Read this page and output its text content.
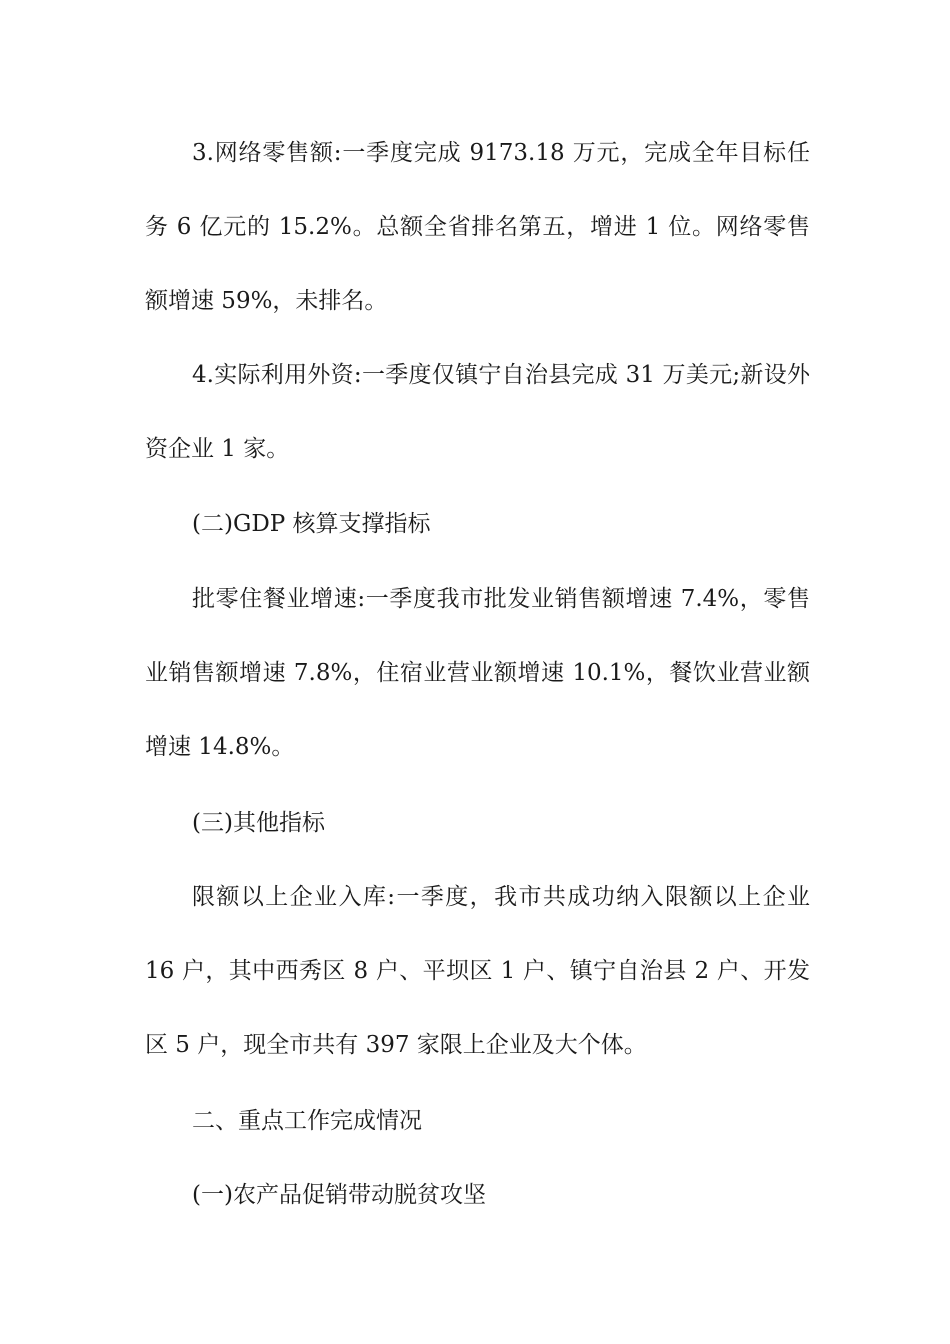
3.网络零售额:一季度完成 9173.18 万元，完成全年目标任务 6 亿元的 15.2%。总额全省排名第五，增进 1 位。网络零售额增速 59%，未排名。

4.实际利用外资:一季度仅镇宁自治县完成 31 万美元;新设外资企业 1 家。

(二)GDP 核算支撑指标

批零住餐业增速:一季度我市批发业销售额增速 7.4%，零售业销售额增速 7.8%，住宿业营业额增速 10.1%，餐饮业营业额增速 14.8%。

(三)其他指标

限额以上企业入库:一季度，我市共成功纳入限额以上企业 16 户，其中西秀区 8 户、平坝区 1 户、镇宁自治县 2 户、开发区 5 户，现全市共有 397 家限上企业及大个体。

二、重点工作完成情况

(一)农产品促销带动脱贫攻坚
